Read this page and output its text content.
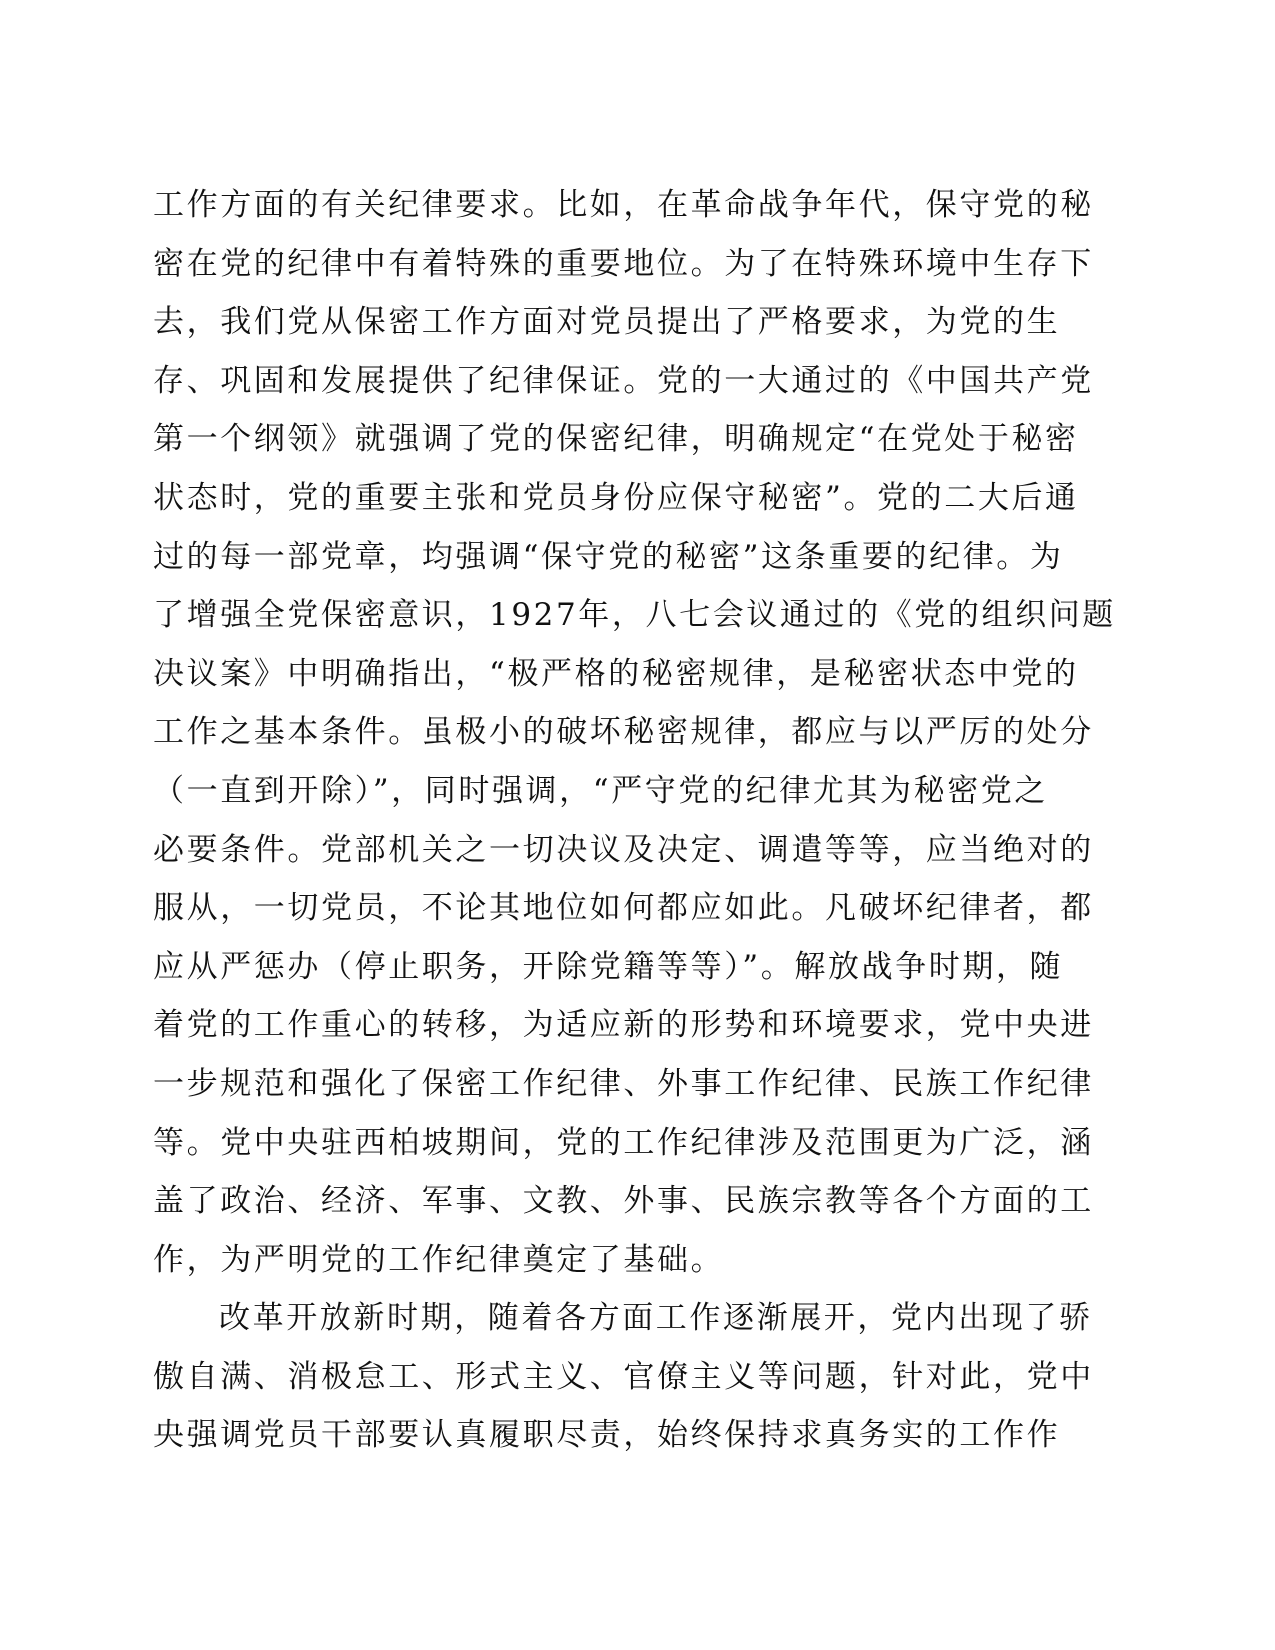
工作方面的有关纪律要求。比如，在革命战争年代，保守党的秘
密在党的纪律中有着特殊的重要地位。为了在特殊环境中生存下
去，我们党从保密工作方面对党员提出了严格要求，为党的生
存、巩固和发展提供了纪律保证。党的一大通过的《中国共产党
第一个纲领》就强调了党的保密纪律，明确规定“在党处于秘密
状态时，党的重要主张和党员身份应保守秘密”。党的二大后通
过的每一部党章，均强调“保守党的秘密”这条重要的纪律。为
了增强全党保密意识，1927年，八七会议通过的《党的组织问题
决议案》中明确指出，“极严格的秘密规律，是秘密状态中党的
工作之基本条件。虽极小的破坏秘密规律，都应与以严厉的处分
（一直到开除）”，同时强调，“严守党的纪律尤其为秘密党之
必要条件。党部机关之一切决议及决定、调遣等等，应当绝对的
服从，一切党员，不论其地位如何都应如此。凡破坏纪律者，都
应从严惩办（停止职务，开除党籍等等）”。解放战争时期，随
着党的工作重心的转移，为适应新的形势和环境要求，党中央进
一步规范和强化了保密工作纪律、外事工作纪律、民族工作纪律
等。党中央驻西柏坡期间，党的工作纪律涉及范围更为广泛，涵
盖了政治、经济、军事、文教、外事、民族宗教等各个方面的工
作，为严明党的工作纪律奠定了基础。
改革开放新时期，随着各方面工作逐渐展开，党内出现了骄
傲自满、消极怠工、形式主义、官僚主义等问题，针对此，党中
央强调党员干部要认真履职尽责，始终保持求真务实的工作作
